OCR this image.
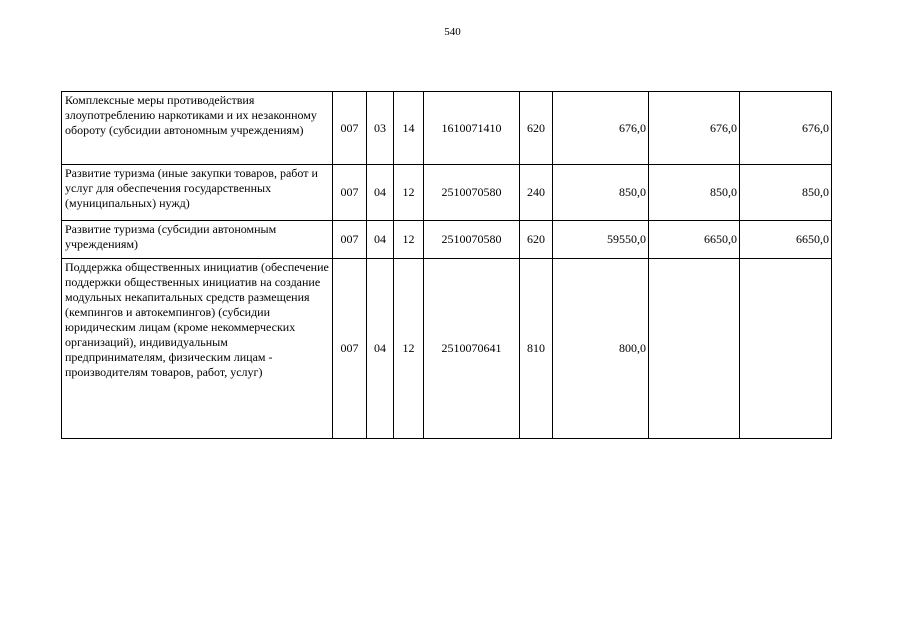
540
Комплексные меры противодействия злоупотреблению наркотиками и их незаконному обороту (субсидии автономным учреждениям)	007	03	14	1610071410	620	676,0	676,0	676,0
Развитие туризма (иные закупки товаров, работ и услуг для обеспечения государственных (муниципальных) нужд)	007	04	12	2510070580	240	850,0	850,0	850,0
Развитие туризма (субсидии автономным учреждениям)	007	04	12	2510070580	620	59550,0	6650,0	6650,0
Поддержка общественных инициатив (обеспечение поддержки общественных инициатив на создание модульных некапитальных средств размещения (кемпингов и автокемпингов) (субсидии юридическим лицам (кроме некоммерческих организаций), индивидуальным предпринимателям, физическим лицам - производителям товаров, работ, услуг)	007	04	12	2510070641	810	800,0		
